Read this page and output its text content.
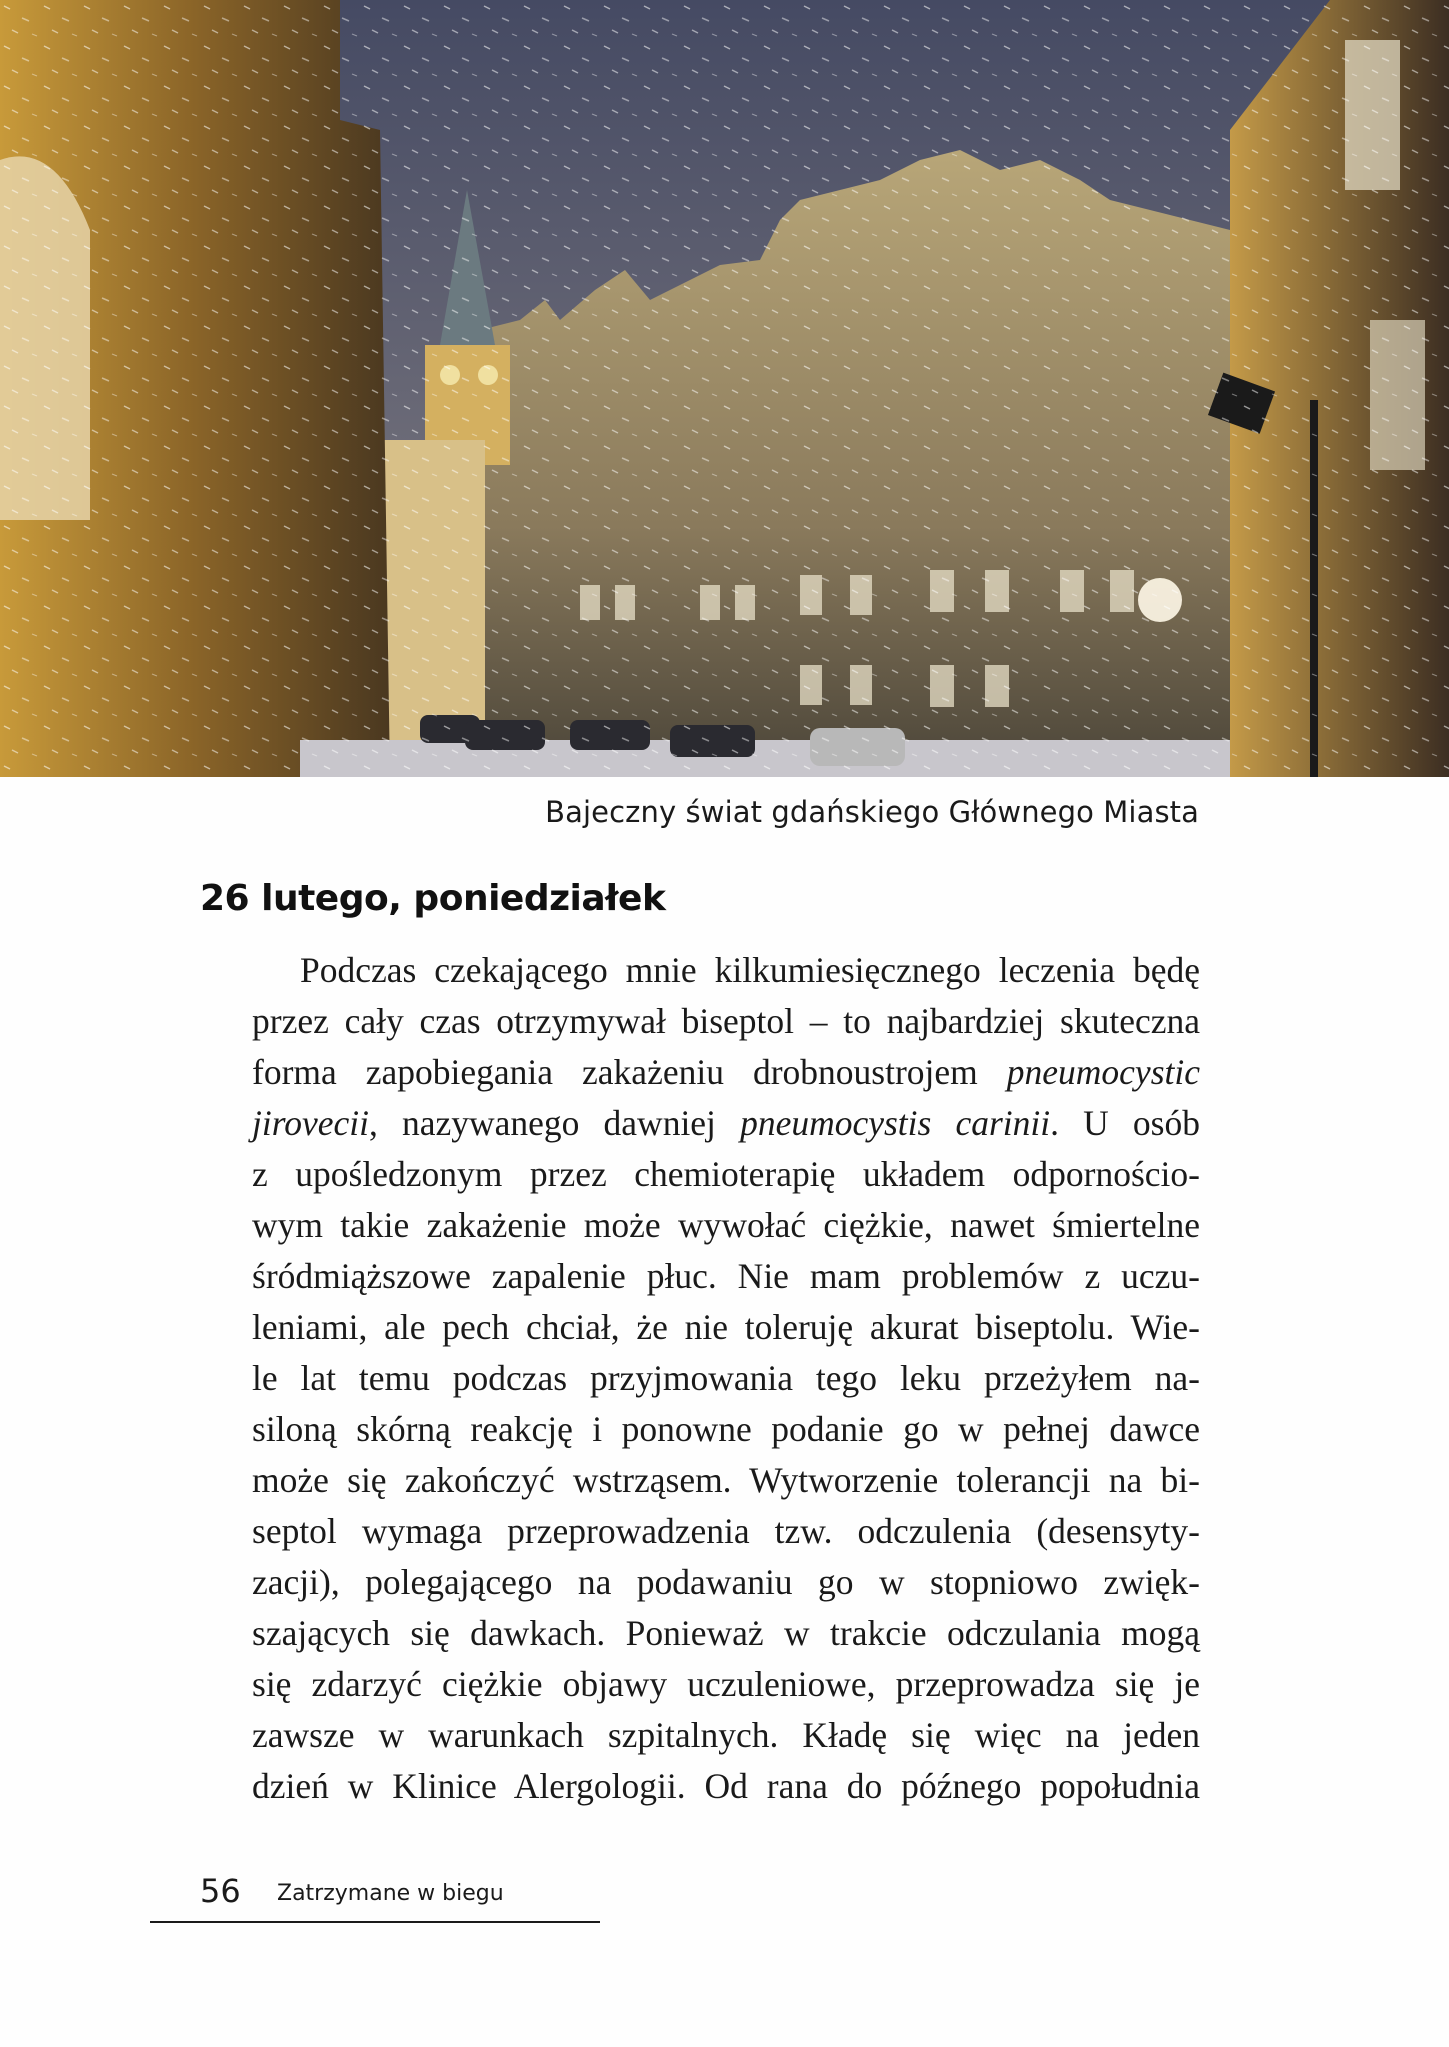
Bajeczny świat gdańskiego Głównego Miasta
26 lutego, poniedziałek
Podczas czekającego mnie kilkumiesięcznego leczenia będę
przez cały czas otrzymywał biseptol – to najbardziej skuteczna
forma zapobiegania zakażeniu drobnoustrojem pneumocystic
jirovecii, nazywanego dawniej pneumocystis carinii. U osób
z upośledzonym przez chemioterapię układem odpornościo-
wym takie zakażenie może wywołać ciężkie, nawet śmiertelne
śródmiąższowe zapalenie płuc. Nie mam problemów z uczu-
leniami, ale pech chciał, że nie toleruję akurat biseptolu. Wie-
le lat temu podczas przyjmowania tego leku przeżyłem na-
siloną skórną reakcję i ponowne podanie go w pełnej dawce
może się zakończyć wstrząsem. Wytworzenie tolerancji na bi-
septol wymaga przeprowadzenia tzw. odczulenia (desensyty-
zacji), polegającego na podawaniu go w stopniowo zwięk-
szających się dawkach. Ponieważ w trakcie odczulania mogą
się zdarzyć ciężkie objawy uczuleniowe, przeprowadza się je
zawsze w warunkach szpitalnych. Kładę się więc na jeden
dzień w Klinice Alergologii. Od rana do późnego popołudnia
56 Zatrzymane w biegu
